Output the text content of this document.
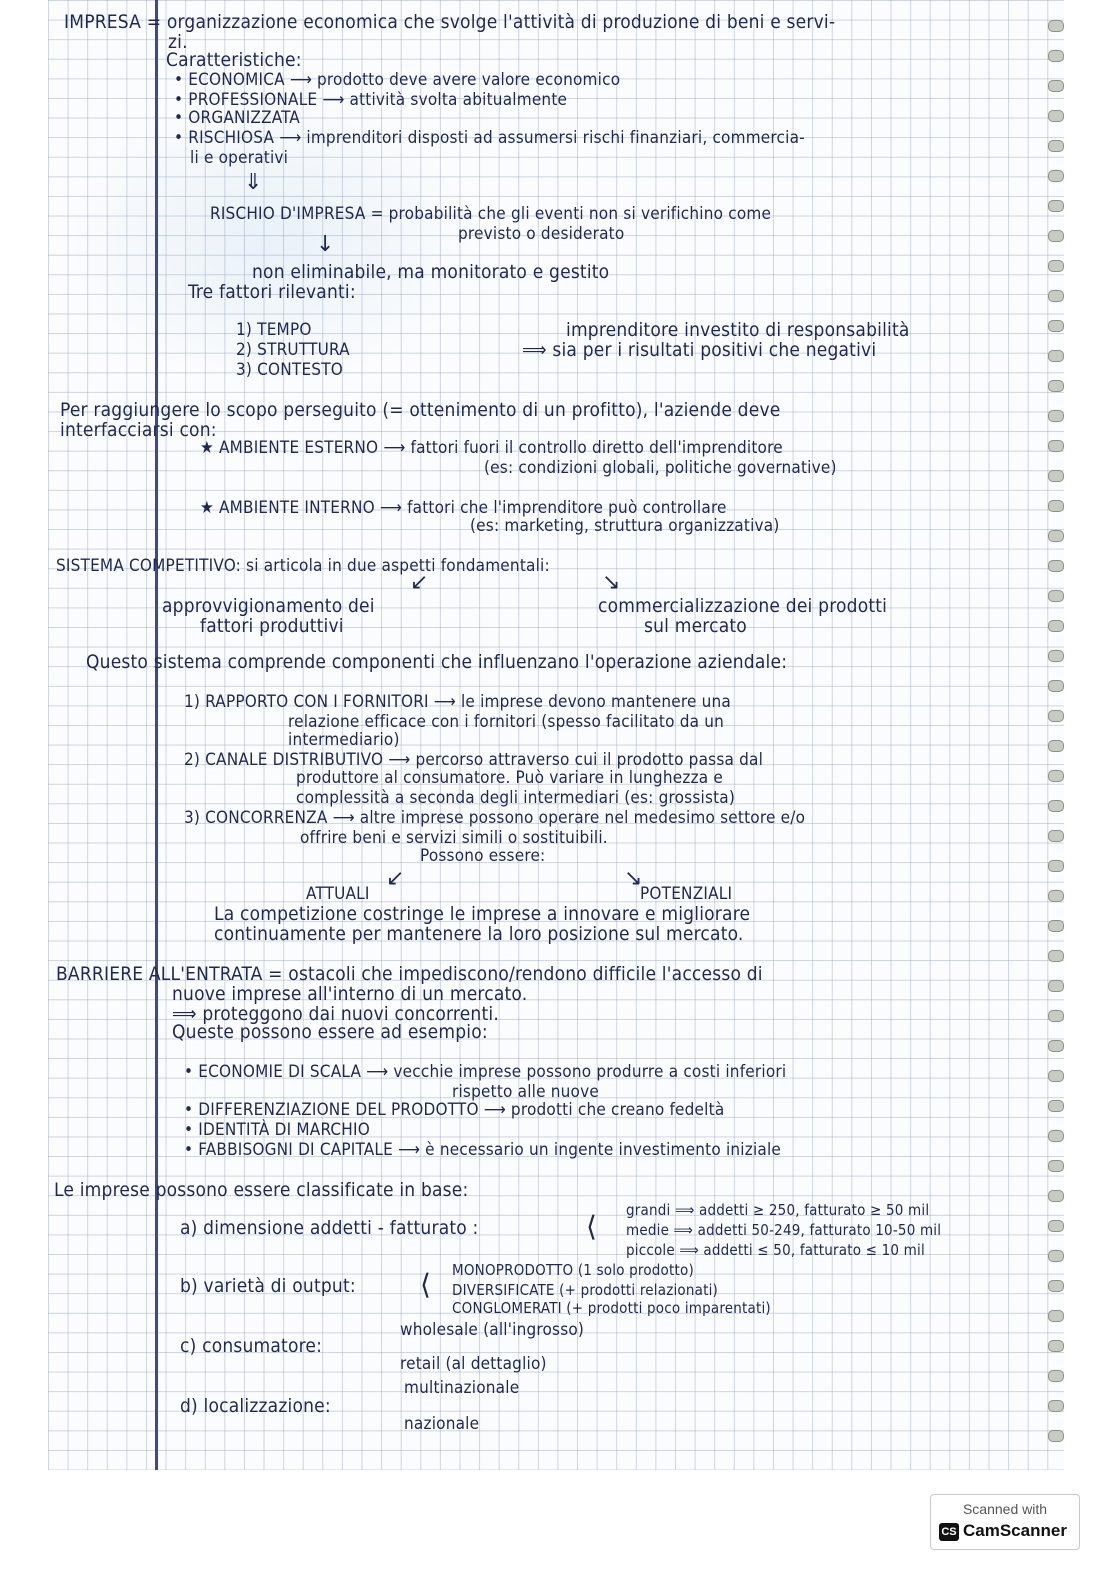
IMPRESA = organizzazione economica che svolge l'attività di produzione di beni e servi-
zi.
Caratteristiche:
• ECONOMICA ⟶ prodotto deve avere valore economico
• PROFESSIONALE ⟶ attività svolta abitualmente
• ORGANIZZATA
• RISCHIOSA ⟶ imprenditori disposti ad assumersi rischi finanziari, commercia-
li e operativi
⇓
RISCHIO D'IMPRESA = probabilità che gli eventi non si verifichino come
previsto o desiderato
↓
non eliminabile, ma monitorato e gestito
Tre fattori rilevanti:
1) TEMPO
2) STRUTTURA
3) CONTESTO
imprenditore investito di responsabilità
⟹ sia per i risultati positivi che negativi
Per raggiungere lo scopo perseguito (= ottenimento di un profitto), l'aziende deve
interfacciarsi con:
★ AMBIENTE ESTERNO ⟶ fattori fuori il controllo diretto dell'imprenditore
(es: condizioni globali, politiche governative)
★ AMBIENTE INTERNO ⟶ fattori che l'imprenditore può controllare
(es: marketing, struttura organizzativa)
SISTEMA COMPETITIVO: si articola in due aspetti fondamentali:
↙	↘
approvvigionamento dei
fattori produttivi
commercializzazione dei prodotti
sul mercato
Questo sistema comprende componenti che influenzano l'operazione aziendale:
1) RAPPORTO CON I FORNITORI ⟶ le imprese devono mantenere una
relazione efficace con i fornitori (spesso facilitato da un
intermediario)
2) CANALE DISTRIBUTIVO ⟶ percorso attraverso cui il prodotto passa dal
produttore al consumatore. Può variare in lunghezza e
complessità a seconda degli intermediari (es: grossista)
3) CONCORRENZA ⟶ altre imprese possono operare nel medesimo settore e/o
offrire beni e servizi simili o sostituibili.
Possono essere:
↙	↘
ATTUALI	POTENZIALI
La competizione costringe le imprese a innovare e migliorare
continuamente per mantenere la loro posizione sul mercato.
BARRIERE ALL'ENTRATA = ostacoli che impediscono/rendono difficile l'accesso di
nuove imprese all'interno di un mercato.
⟹ proteggono dai nuovi concorrenti.
Queste possono essere ad esempio:
• ECONOMIE DI SCALA ⟶ vecchie imprese possono produrre a costi inferiori
rispetto alle nuove
• DIFFERENZIAZIONE DEL PRODOTTO ⟶ prodotti che creano fedeltà
• IDENTITÀ DI MARCHIO
• FABBISOGNI DI CAPITALE ⟶ è necessario un ingente investimento iniziale
Le imprese possono essere classificate in base:
a) dimensione addetti - fatturato :	⟨ grandi ⟹ addetti ≥ 250, fatturato ≥ 50 mil
medie ⟹ addetti 50-249, fatturato 10-50 mil
piccole ⟹ addetti ≤ 50, fatturato ≤ 10 mil
b) varietà di output: ⟨ MONOPRODOTTO (1 solo prodotto)
DIVERSIFICATE (+ prodotti relazionati)
CONGLOMERATI (+ prodotti poco imparentati)
c) consumatore:
wholesale (all'ingrosso)
retail (al dettaglio)
d) localizzazione:
multinazionale
nazionale
Scanned with
CS CamScanner
